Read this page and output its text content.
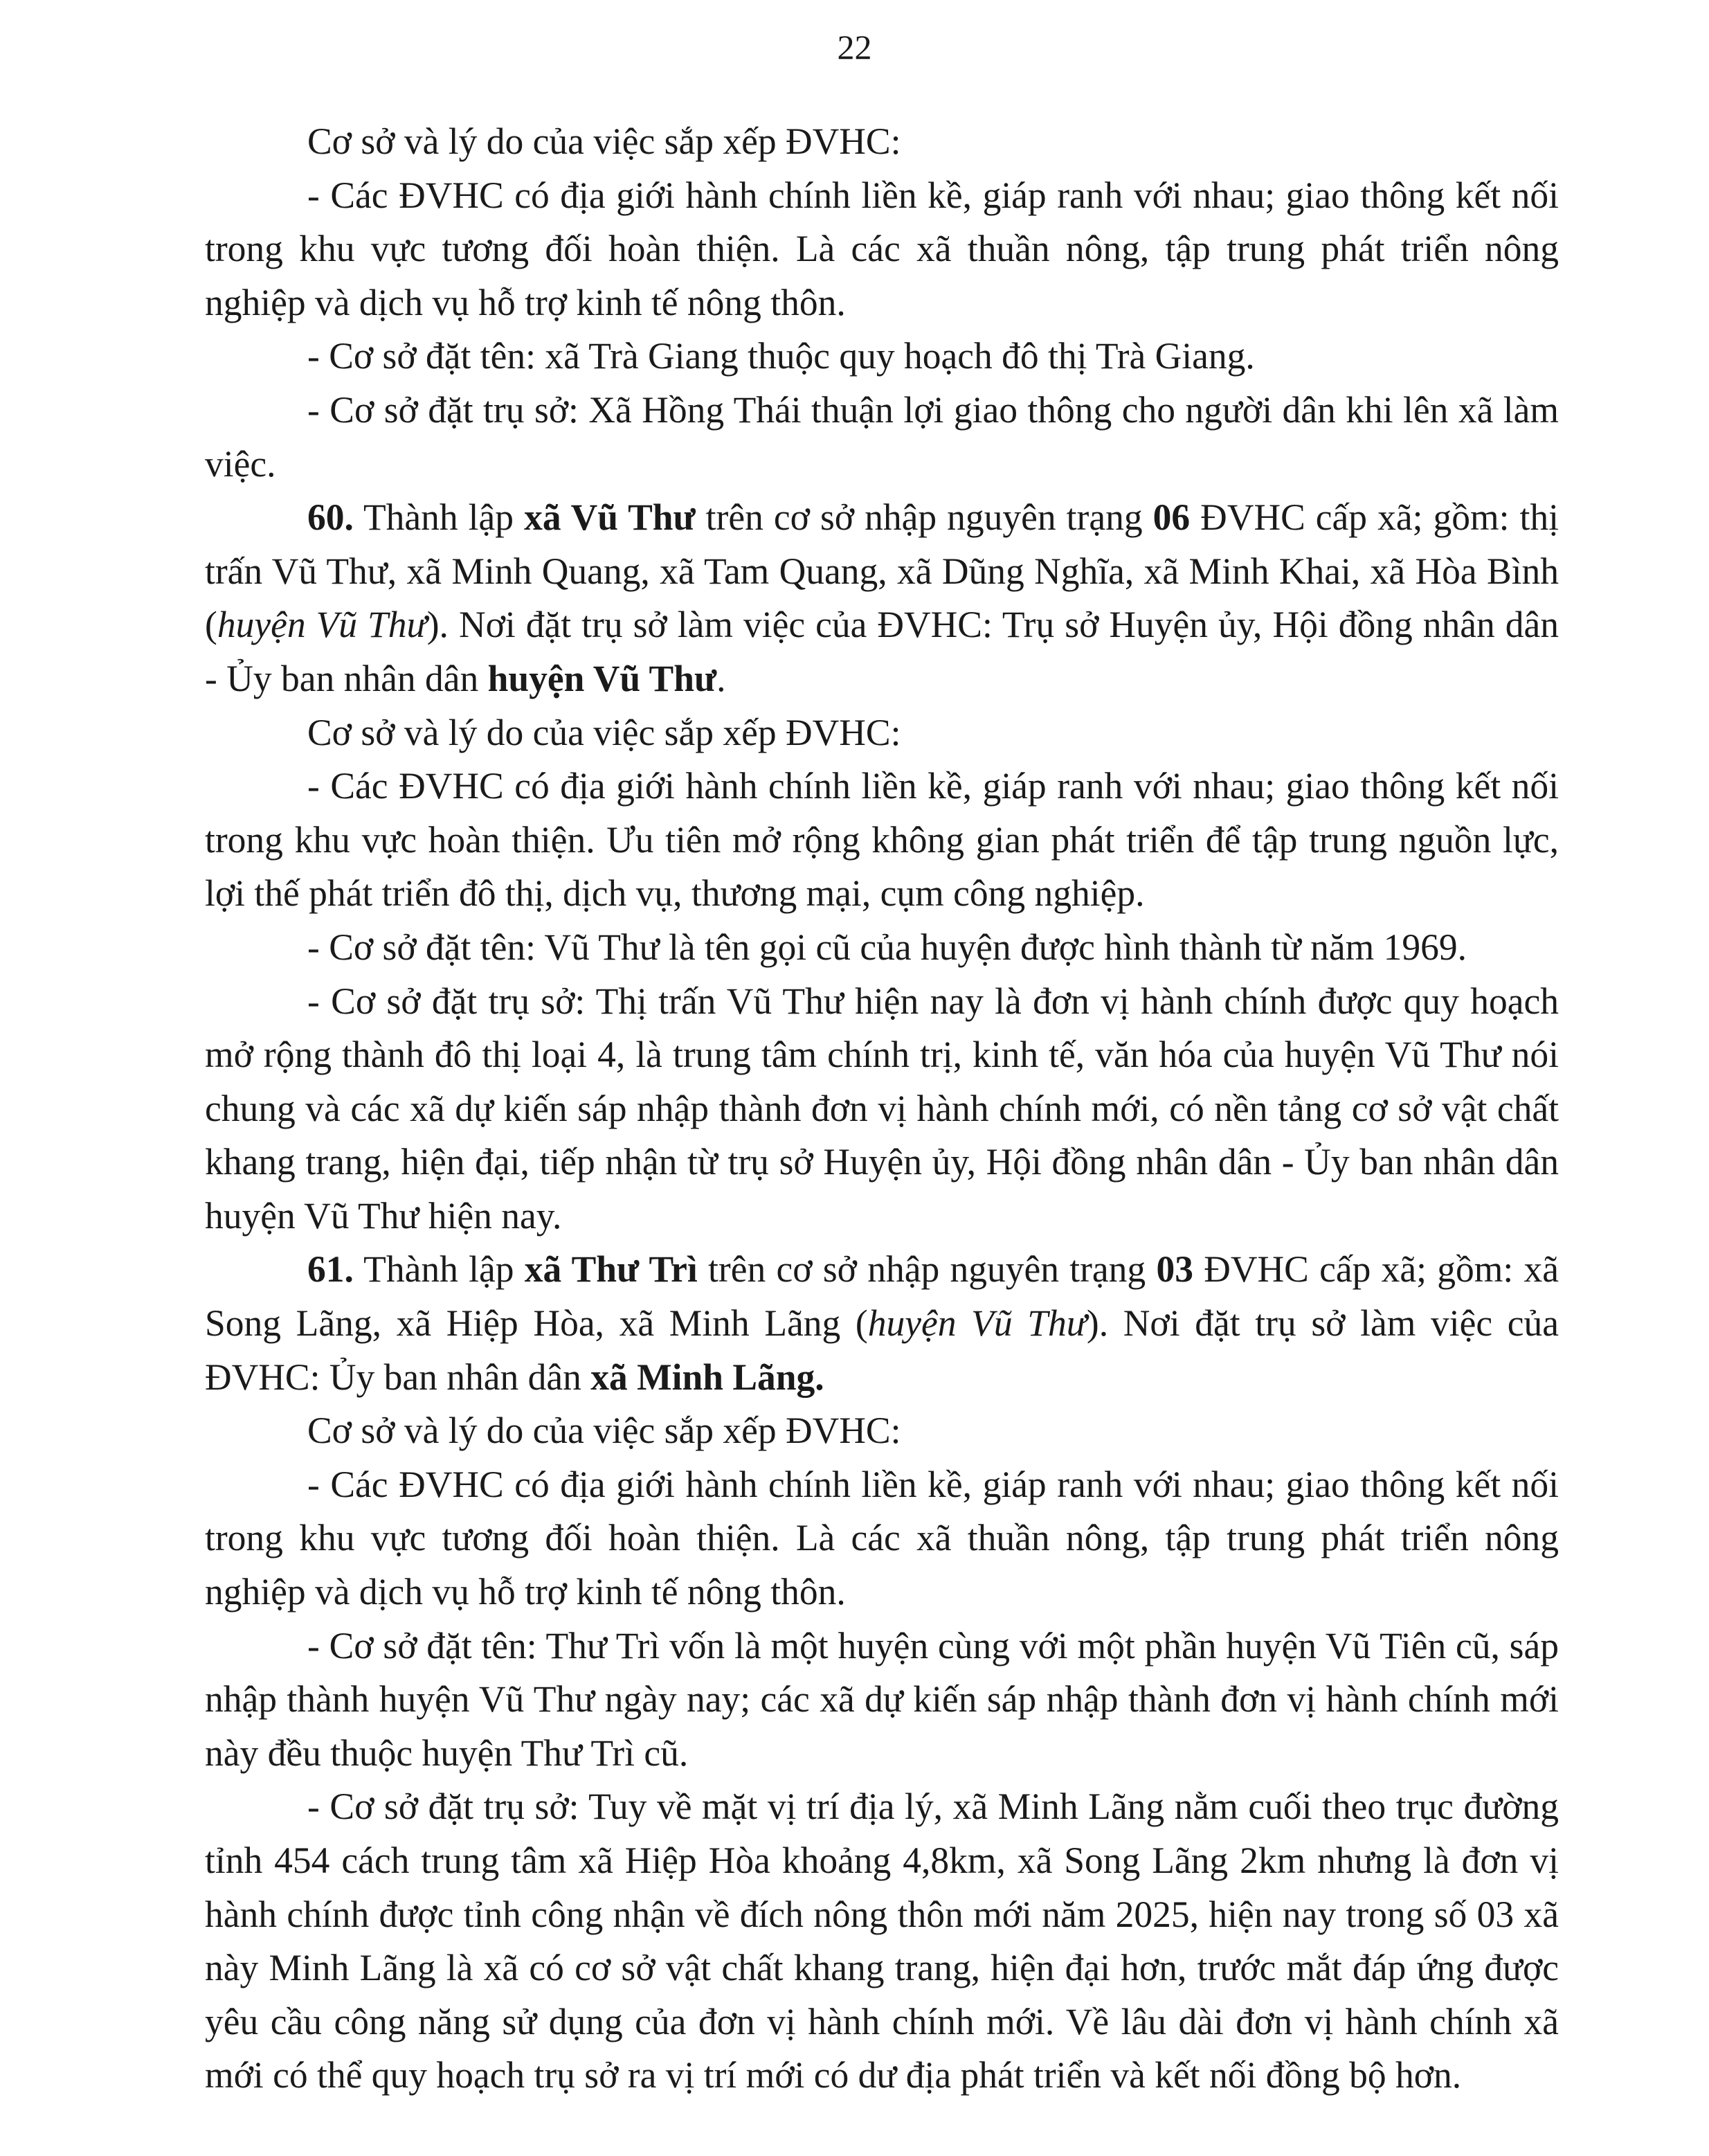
22

Cơ sở và lý do của việc sắp xếp ĐVHC:

- Các ĐVHC có địa giới hành chính liền kề, giáp ranh với nhau; giao thông kết nối trong khu vực tương đối hoàn thiện. Là các xã thuần nông, tập trung phát triển nông nghiệp và dịch vụ hỗ trợ kinh tế nông thôn.

- Cơ sở đặt tên: xã Trà Giang thuộc quy hoạch đô thị Trà Giang.

- Cơ sở đặt trụ sở: Xã Hồng Thái thuận lợi giao thông cho người dân khi lên xã làm việc.

60. Thành lập xã Vũ Thư trên cơ sở nhập nguyên trạng 06 ĐVHC cấp xã; gồm: thị trấn Vũ Thư, xã Minh Quang, xã Tam Quang, xã Dũng Nghĩa, xã Minh Khai, xã Hòa Bình (huyện Vũ Thư). Nơi đặt trụ sở làm việc của ĐVHC: Trụ sở Huyện ủy, Hội đồng nhân dân - Ủy ban nhân dân huyện Vũ Thư.

Cơ sở và lý do của việc sắp xếp ĐVHC:

- Các ĐVHC có địa giới hành chính liền kề, giáp ranh với nhau; giao thông kết nối trong khu vực hoàn thiện. Ưu tiên mở rộng không gian phát triển để tập trung nguồn lực, lợi thế phát triển đô thị, dịch vụ, thương mại, cụm công nghiệp.

- Cơ sở đặt tên: Vũ Thư là tên gọi cũ của huyện được hình thành từ năm 1969.

- Cơ sở đặt trụ sở: Thị trấn Vũ Thư hiện nay là đơn vị hành chính được quy hoạch mở rộng thành đô thị loại 4, là trung tâm chính trị, kinh tế, văn hóa của huyện Vũ Thư nói chung và các xã dự kiến sáp nhập thành đơn vị hành chính mới, có nền tảng cơ sở vật chất khang trang, hiện đại, tiếp nhận từ trụ sở Huyện ủy, Hội đồng nhân dân - Ủy ban nhân dân huyện Vũ Thư hiện nay.

61. Thành lập xã Thư Trì trên cơ sở nhập nguyên trạng 03 ĐVHC cấp xã; gồm: xã Song Lãng, xã Hiệp Hòa, xã Minh Lãng (huyện Vũ Thư). Nơi đặt trụ sở làm việc của ĐVHC: Ủy ban nhân dân xã Minh Lãng.

Cơ sở và lý do của việc sắp xếp ĐVHC:

- Các ĐVHC có địa giới hành chính liền kề, giáp ranh với nhau; giao thông kết nối trong khu vực tương đối hoàn thiện. Là các xã thuần nông, tập trung phát triển nông nghiệp và dịch vụ hỗ trợ kinh tế nông thôn.

- Cơ sở đặt tên: Thư Trì vốn là một huyện cùng với một phần huyện Vũ Tiên cũ, sáp nhập thành huyện Vũ Thư ngày nay; các xã dự kiến sáp nhập thành đơn vị hành chính mới này đều thuộc huyện Thư Trì cũ.

- Cơ sở đặt trụ sở: Tuy về mặt vị trí địa lý, xã Minh Lãng nằm cuối theo trục đường tỉnh 454 cách trung tâm xã Hiệp Hòa khoảng 4,8km, xã Song Lãng 2km nhưng là đơn vị hành chính được tỉnh công nhận về đích nông thôn mới năm 2025, hiện nay trong số 03 xã này Minh Lãng là xã có cơ sở vật chất khang trang, hiện đại hơn, trước mắt đáp ứng được yêu cầu công năng sử dụng của đơn vị hành chính mới. Về lâu dài đơn vị hành chính xã mới có thể quy hoạch trụ sở ra vị trí mới có dư địa phát triển và kết nối đồng bộ hơn.
